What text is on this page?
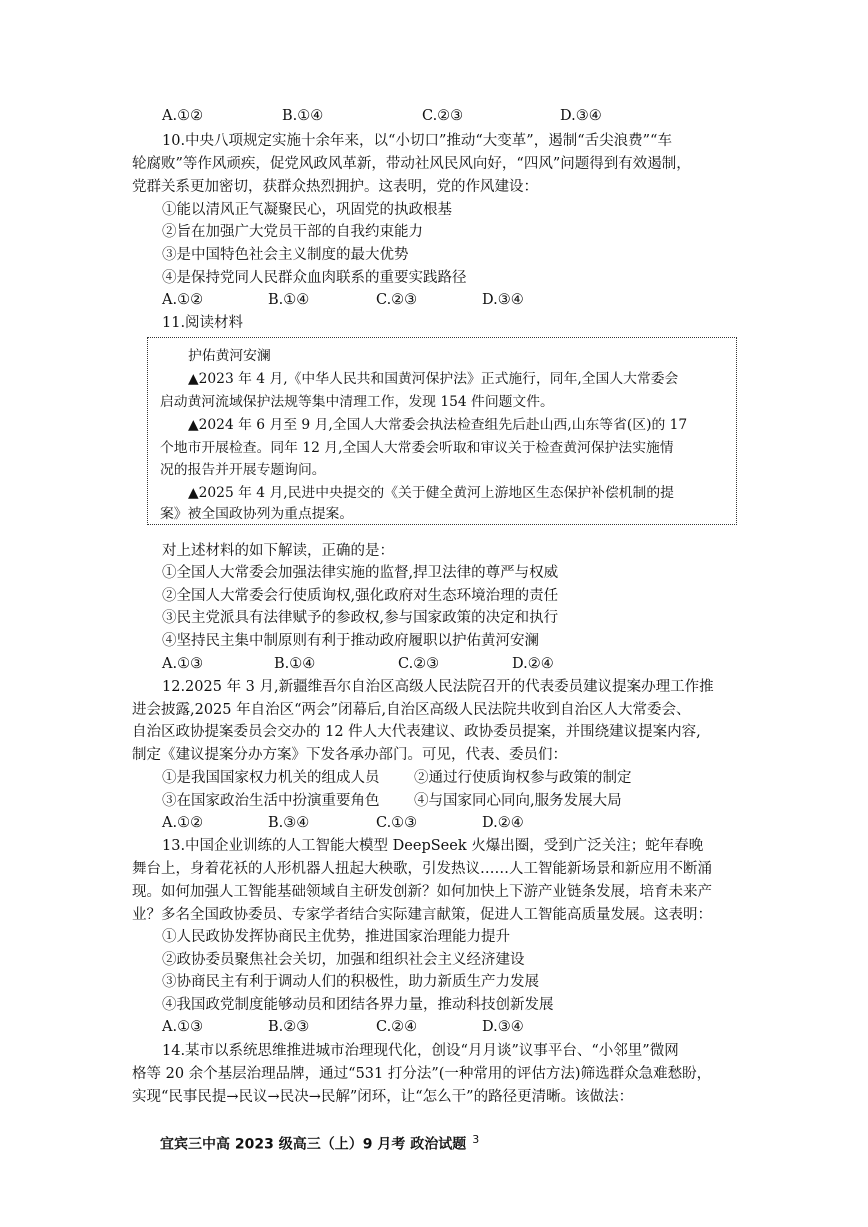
A.①②	B.①④	C.②③	D.③④
10.中央八项规定实施十余年来，以“小切口”推动“大变革”，遏制“舌尖浪费”“车
轮腐败”等作风顽疾，促党风政风革新，带动社风民风向好，“四风”问题得到有效遏制，
党群关系更加密切，获群众热烈拥护。这表明，党的作风建设：
①能以清风正气凝聚民心，巩固党的执政根基
②旨在加强广大党员干部的自我约束能力
③是中国特色社会主义制度的最大优势
④是保持党同人民群众血肉联系的重要实践路径
A.①②	B.①④	C.②③	D.③④
11.阅读材料
护佑黄河安澜
▲2023 年 4 月,《中华人民共和国黄河保护法》正式施行，同年,全国人大常委会
启动黄河流域保护法规等集中清理工作，发现 154 件问题文件。
▲2024 年 6 月至 9 月,全国人大常委会执法检查组先后赴山西,山东等省(区)的 17
个地市开展检查。同年 12 月,全国人大常委会听取和审议关于检查黄河保护法实施情
况的报告并开展专题询问。
▲2025 年 4 月,民进中央提交的《关于健全黄河上游地区生态保护补偿机制的提
案》被全国政协列为重点提案。
对上述材料的如下解读，正确的是：
①全国人大常委会加强法律实施的监督,捍卫法律的尊严与权威
②全国人大常委会行使质询权,强化政府对生态环境治理的责任
③民主党派具有法律赋予的参政权,参与国家政策的决定和执行
④坚持民主集中制原则有利于推动政府履职以护佑黄河安澜
A.①③	B.①④	C.②③	D.②④
12.2025 年 3 月,新疆维吾尔自治区高级人民法院召开的代表委员建议提案办理工作推
进会披露,2025 年自治区“两会”闭幕后,自治区高级人民法院共收到自治区人大常委会、
自治区政协提案委员会交办的 12 件人大代表建议、政协委员提案，并围绕建议提案内容,
制定《建议提案分办方案》下发各承办部门。可见，代表、委员们：
①是我国国家权力机关的组成人员 ②通过行使质询权参与政策的制定
③在国家政治生活中扮演重要角色 ④与国家同心同向,服务发展大局
A.①②	B.③④	C.①③	D.②④
13.中国企业训练的人工智能大模型 DeepSeek 火爆出圈，受到广泛关注；蛇年春晚
舞台上，身着花袄的人形机器人扭起大秧歌，引发热议……人工智能新场景和新应用不断涌
现。如何加强人工智能基础领域自主研发创新？如何加快上下游产业链条发展，培育未来产
业？多名全国政协委员、专家学者结合实际建言献策，促进人工智能高质量发展。这表明：
①人民政协发挥协商民主优势，推进国家治理能力提升
②政协委员聚焦社会关切，加强和组织社会主义经济建设
③协商民主有利于调动人们的积极性，助力新质生产力发展
④我国政党制度能够动员和团结各界力量，推动科技创新发展
A.①③	B.②③	C.②④	D.③④
14.某市以系统思维推进城市治理现代化，创设“月月谈”议事平台、“小邻里”微网
格等 20 余个基层治理品牌，通过“531 打分法”(一种常用的评估方法)筛选群众急难愁盼，
实现“民事民提→民议→民决→民解”闭环，让“怎么干”的路径更清晰。该做法：
宜宾三中高 2023 级高三（上）9 月考 政治试题 $^3$
